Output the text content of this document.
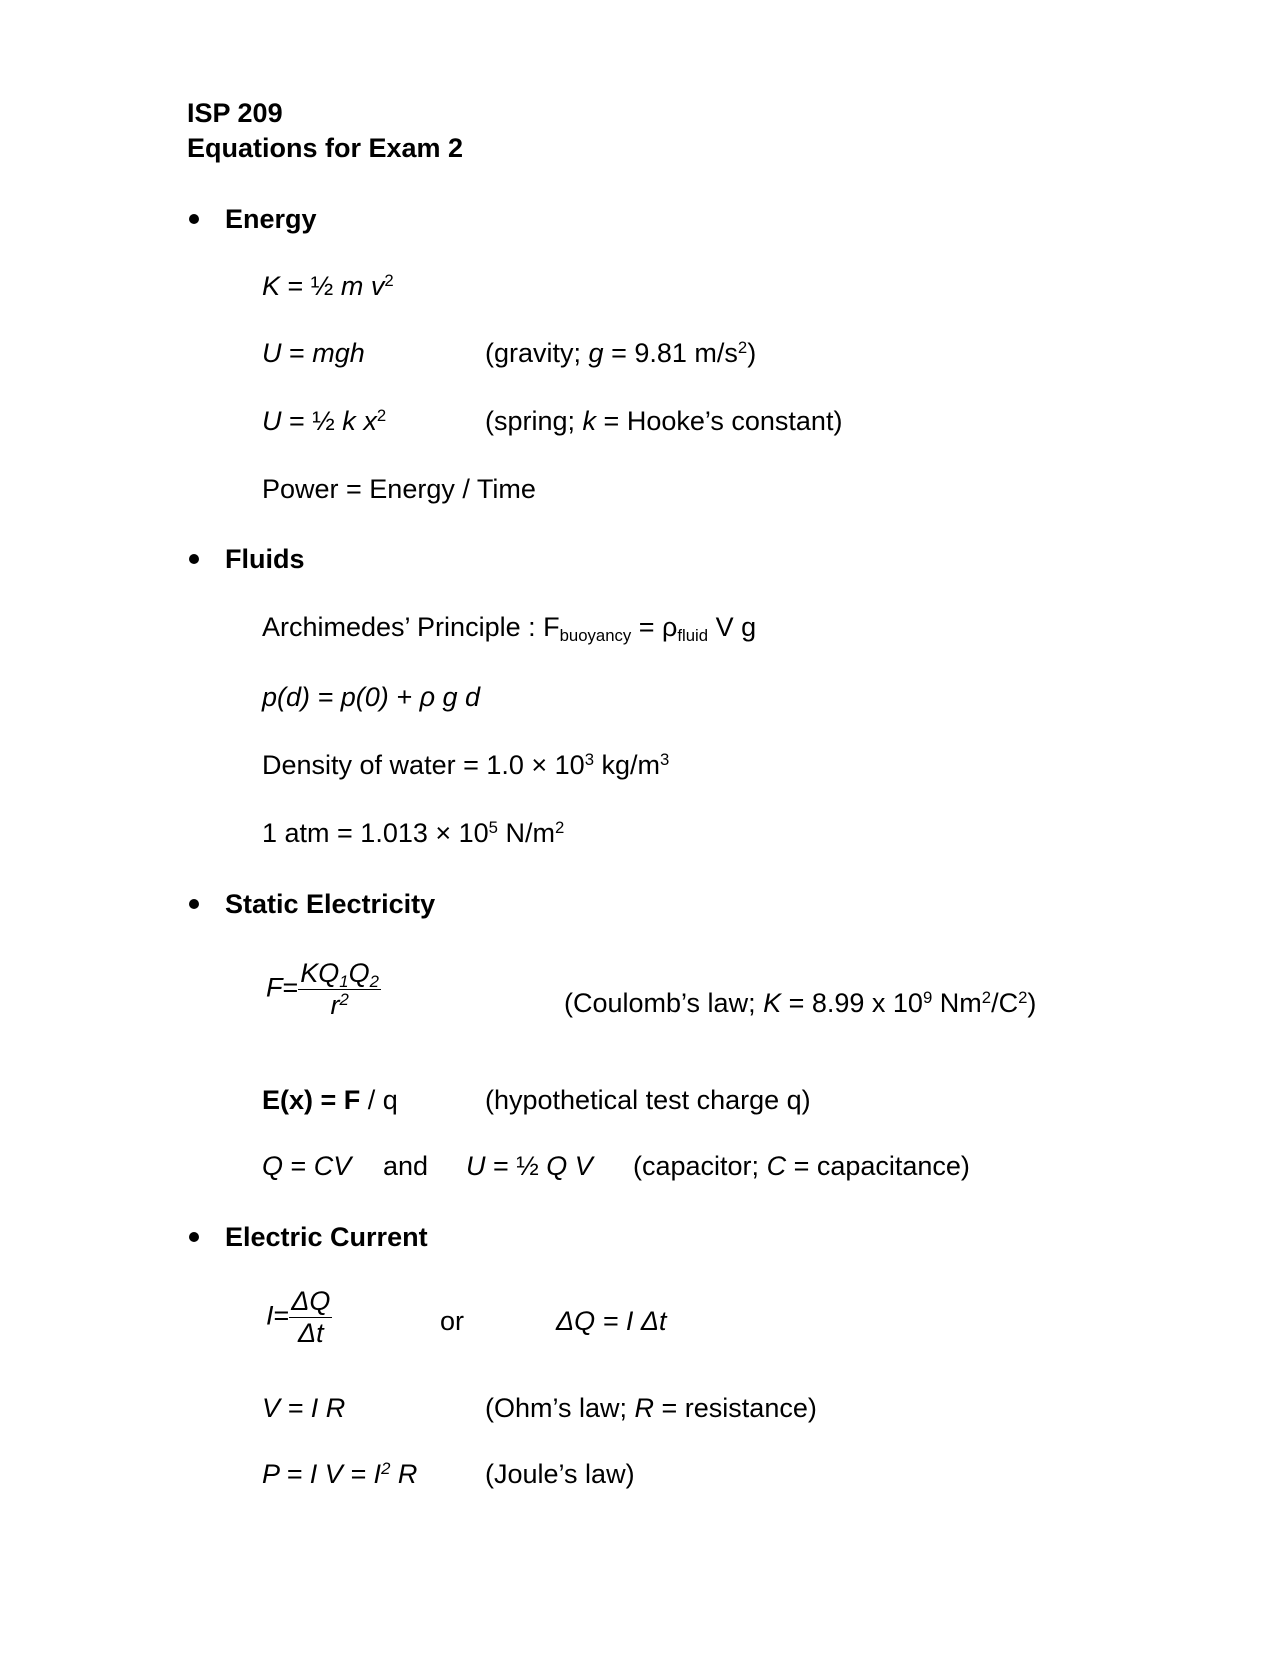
ISP 209
Equations for Exam 2
Energy
K = ½ m $v^2$
U = mgh	(gravity; g = 9.81 $m/s^2$)
U = ½ k $x^2$	(spring; k = Hooke’s constant)
Power = Energy / Time
Fluids
Archimedes’ Principle : $F_{buoyancy} = \rho_{fluid}$ V g
p(d) = p(0) + ρ g d
Density of water = $1.0 \times 10^3$ $kg/m^3$
1 atm = $1.013 \times 10^5$ $N/m^2$
Static Electricity
$F= \frac{KQ_1Q_2}{r^2}$	(Coulomb’s law; K = 8.99 x $10^9$ $Nm^2/C^2$)
E(x) = F / q	(hypothetical test charge q)
Q = CV and U = ½ Q V (capacitor; C = capacitance)
Electric Current
$I= \frac{\Delta Q}{\Delta t}$	or	ΔQ = I Δt
V = I R	(Ohm’s law; R = resistance)
P = I $V = I^2$ R	(Joule’s law)
